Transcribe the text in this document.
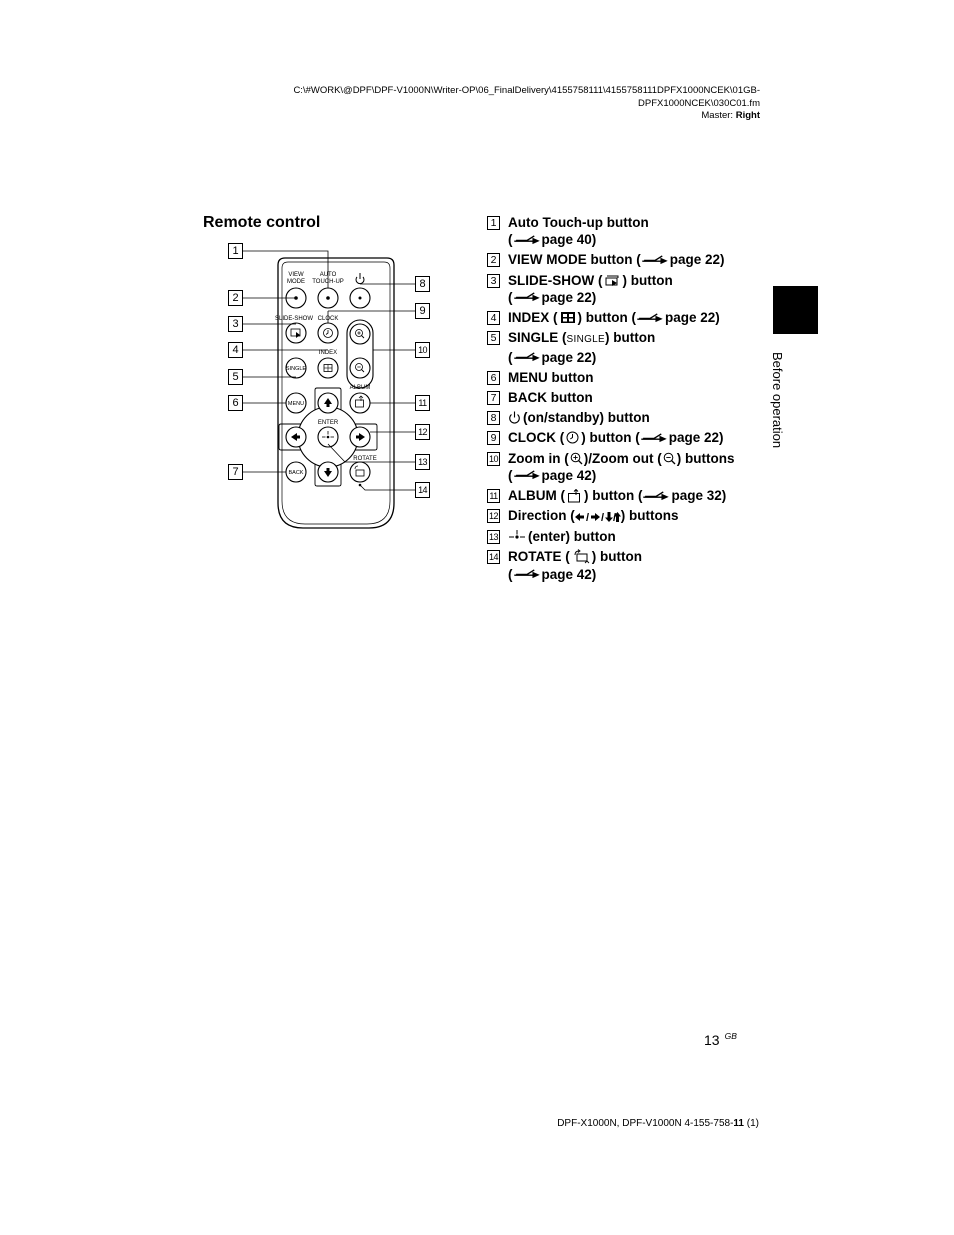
C:\#WORK\@DPF\DPF-V1000N\Writer-OP\06_FinalDelivery\4155758111\4155758111DPFX1000NCEK\01GB-
DPFX1000NCEK\030C01.fm
Master: Right
Remote control
VIEW
MODE
AUTO
TOUCH-UP
SLIDE-SHOW CLOCK
INDEX
SINGLE
ALBUM
MENU
ENTER
ROTATE
BACK
1
2
3
4
5
6
7
8
9
10
11
12
13
14
1 Auto Touch-up button
( page 40)
2 VIEW MODE button ( page 22)
3 SLIDE-SHOW ( ) button
( page 22)
4 INDEX ( ) button ( page 22)
5 SINGLE (SINGLE) button
( page 22)
6 MENU button
7 BACK button
8 (on/standby) button
9 CLOCK ( ) button ( page 22)
10 Zoom in ( )/Zoom out ( ) buttons
( page 42)
11 ALBUM ( ) button ( page 32)
12 Direction ( / / / ) buttons
13 (enter) button
14 ROTATE ( ) button
( page 42)
Before operation
13 $^{GB}$
DPF-X1000N, DPF-V1000N 4-155-758-11 (1)
